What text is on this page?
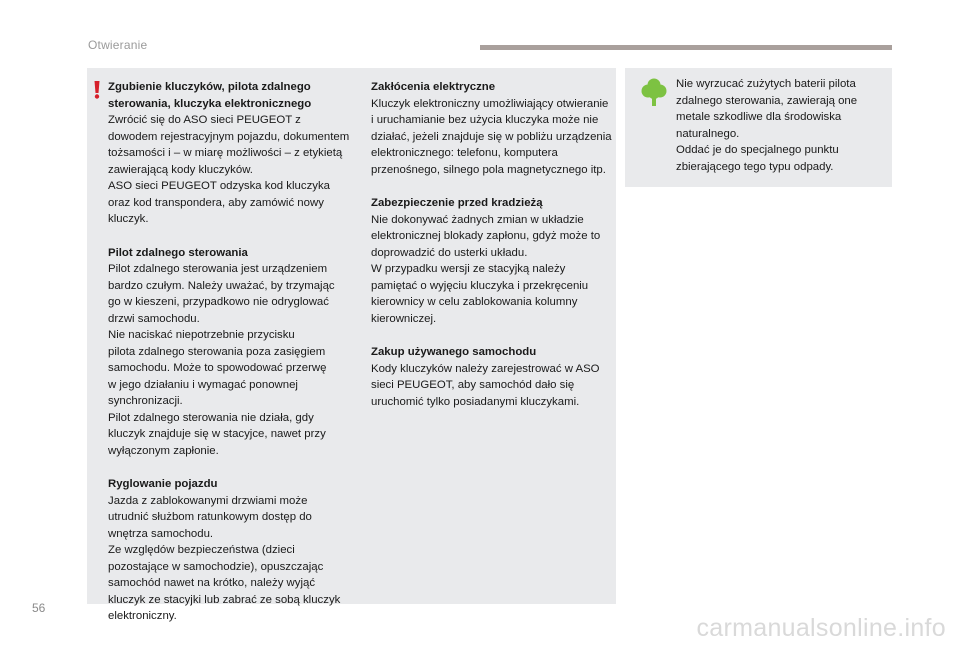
Otwieranie
Zgubienie kluczyków, pilota zdalnego
sterowania, kluczyka elektronicznego
Zwrócić się do ASO sieci PEUGEOT z
dowodem rejestracyjnym pojazdu, dokumentem
tożsamości i – w miarę możliwości – z etykietą
zawierającą kody kluczyków.
ASO sieci PEUGEOT odzyska kod kluczyka
oraz kod transpondera, aby zamówić nowy
kluczyk.
Pilot zdalnego sterowania
Pilot zdalnego sterowania jest urządzeniem
bardzo czułym. Należy uważać, by trzymając
go w kieszeni, przypadkowo nie odryglować
drzwi samochodu.
Nie naciskać niepotrzebnie przycisku
pilota zdalnego sterowania poza zasięgiem
samochodu. Może to spowodować przerwę
w jego działaniu i wymagać ponownej
synchronizacji.
Pilot zdalnego sterowania nie działa, gdy
kluczyk znajduje się w stacyjce, nawet przy
wyłączonym zapłonie.
Ryglowanie pojazdu
Jazda z zablokowanymi drzwiami może
utrudnić służbom ratunkowym dostęp do
wnętrza samochodu.
Ze względów bezpieczeństwa (dzieci
pozostające w samochodzie), opuszczając
samochód nawet na krótko, należy wyjąć
kluczyk ze stacyjki lub zabrać ze sobą kluczyk
elektroniczny.
Zakłócenia elektryczne
Kluczyk elektroniczny umożliwiający otwieranie
i uruchamianie bez użycia kluczyka może nie
działać, jeżeli znajduje się w pobliżu urządzenia
elektronicznego: telefonu, komputera
przenośnego, silnego pola magnetycznego itp.
Zabezpieczenie przed kradzieżą
Nie dokonywać żadnych zmian w układzie
elektronicznej blokady zapłonu, gdyż może to
doprowadzić do usterki układu.
W przypadku wersji ze stacyjką należy
pamiętać o wyjęciu kluczyka i przekręceniu
kierownicy w celu zablokowania kolumny
kierowniczej.
Zakup używanego samochodu
Kody kluczyków należy zarejestrować w ASO
sieci PEUGEOT, aby samochód dało się
uruchomić tylko posiadanymi kluczykami.
Nie wyrzucać zużytych baterii pilota
zdalnego sterowania, zawierają one
metale szkodliwe dla środowiska
naturalnego.
Oddać je do specjalnego punktu
zbierającego tego typu odpady.
56
carmanualsonline.info
